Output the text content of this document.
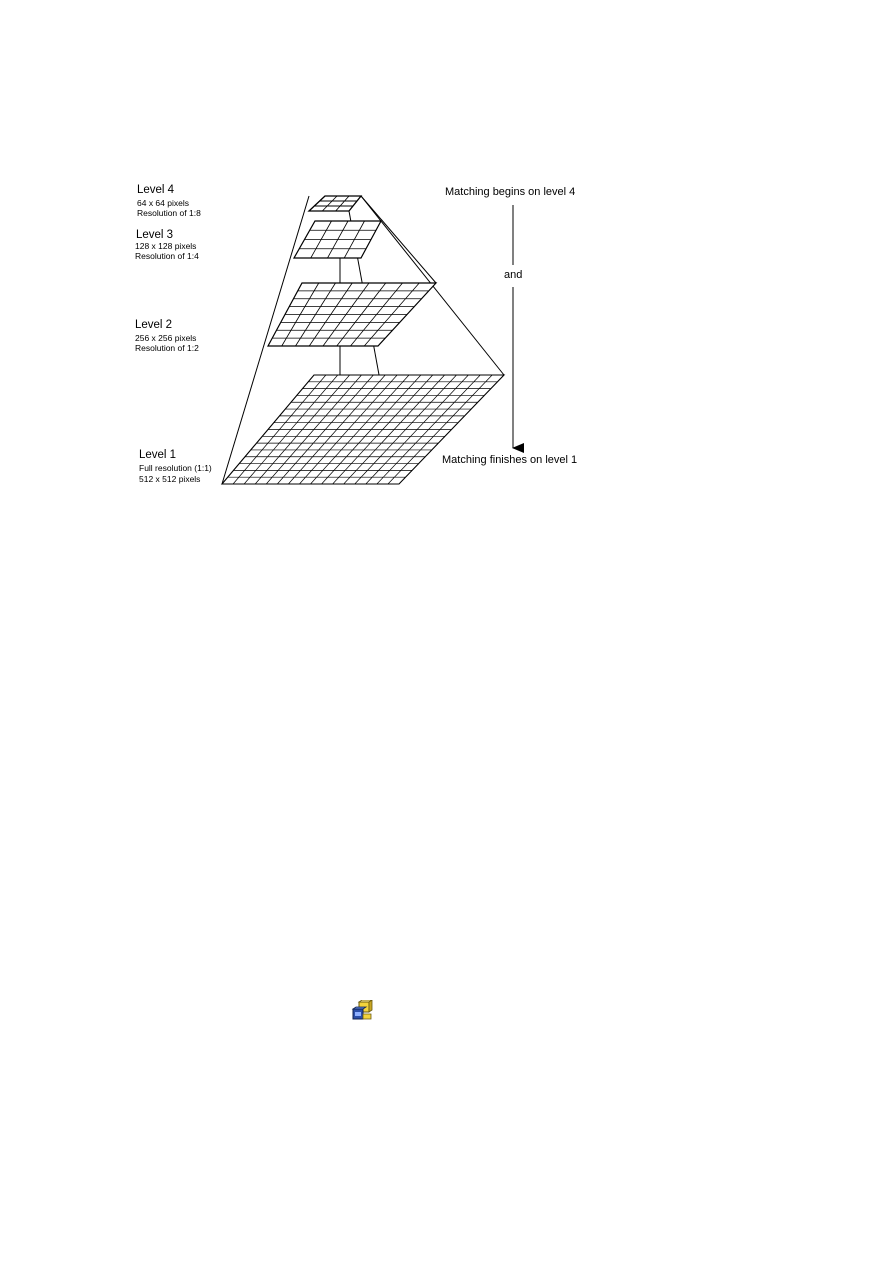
Level 4
64 x 64 pixels
Resolution of 1:8
Level 3
128 x 128 pixels
Resolution of 1:4
Level 2
256 x 256 pixels
Resolution of 1:2
Level 1
Full resolution (1:1)
512 x 512 pixels
Matching begins on level 4
and
Matching finishes on level 1
